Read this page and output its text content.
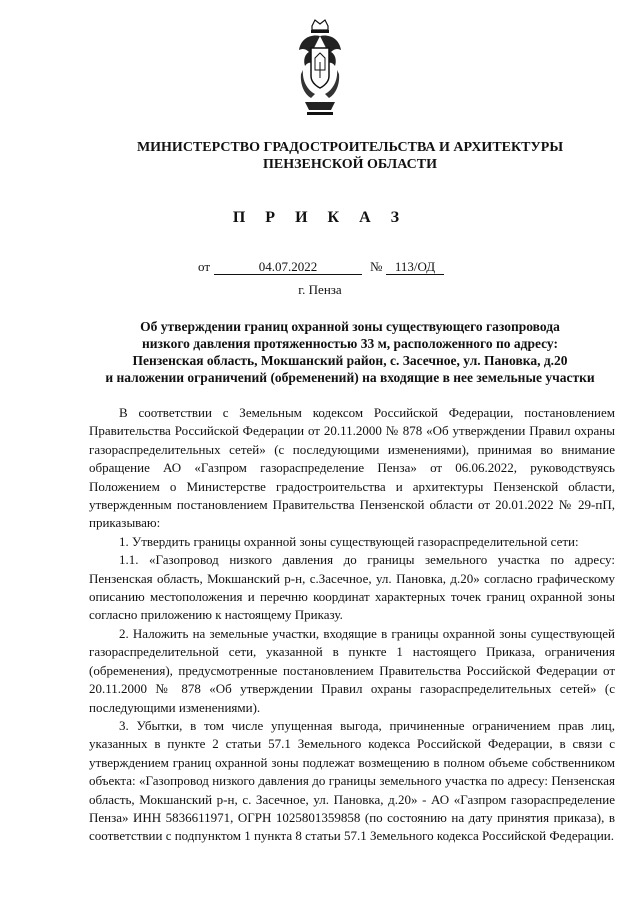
МИНИСТЕРСТВО ГРАДОСТРОИТЕЛЬСТВА И АРХИТЕКТУРЫ
ПЕНЗЕНСКОЙ ОБЛАСТИ
П Р И К А З
от	04.07.2022	№ 113/ОД
г. Пенза
Об утверждении границ охранной зоны существующего газопровода
низкого давления протяженностью 33 м, расположенного по адресу:
Пензенская область, Мокшанский район, с. Засечное, ул. Пановка, д.20
и наложении ограничений (обременений) на входящие в нее земельные участки

В соответствии с Земельным кодексом Российской Федерации, постановлением Правительства Российской Федерации от 20.11.2000 № 878 «Об утверждении Правил охраны газораспределительных сетей» (с последующими изменениями), принимая во внимание обращение АО «Газпром газораспределение Пенза» от 06.06.2022, руководствуясь Положением о Министерстве градостроительства и архитектуры Пензенской области, утвержденным постановлением Правительства Пензенской области от 20.01.2022 № 29-пП, приказываю:

1. Утвердить границы охранной зоны существующей газораспределительной сети:

1.1. «Газопровод низкого давления до границы земельного участка по адресу: Пензенская область, Мокшанский р-н, с.Засечное, ул. Пановка, д.20» согласно графическому описанию местоположения и перечню координат характерных точек границ охранной зоны согласно приложению к настоящему Приказу.

2. Наложить на земельные участки, входящие в границы охранной зоны существующей газораспределительной сети, указанной в пункте 1 настоящего Приказа, ограничения (обременения), предусмотренные постановлением Правительства Российской Федерации от 20.11.2000 № 878 «Об утверждении Правил охраны газораспределительных сетей» (с последующими изменениями).

3. Убытки, в том числе упущенная выгода, причиненные ограничением прав лиц, указанных в пункте 2 статьи 57.1 Земельного кодекса Российской Федерации, в связи с утверждением границ охранной зоны подлежат возмещению в полном объеме собственником объекта: «Газопровод низкого давления до границы земельного участка по адресу: Пензенская область, Мокшанский р-н, с. Засечное, ул. Пановка, д.20» - АО «Газпром газораспределение Пенза» ИНН 5836611971, ОГРН 1025801359858 (по состоянию на дату принятия приказа), в соответствии с подпунктом 1 пункта 8 статьи 57.1 Земельного кодекса Российской Федерации.
